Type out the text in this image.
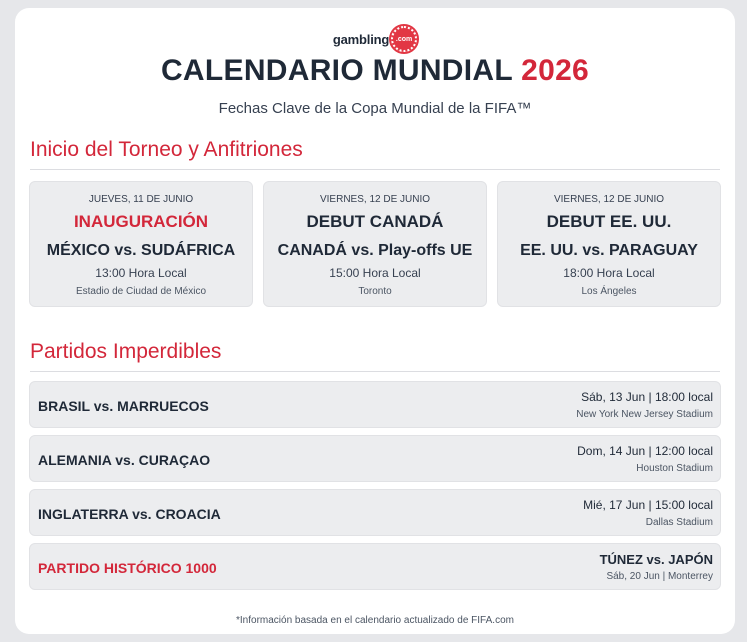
gambling .com
CALENDARIO MUNDIAL 2026
Fechas Clave de la Copa Mundial de la FIFA™
Inicio del Torneo y Anfitriones
JUEVES, 11 DE JUNIO
INAUGURACIÓN
MÉXICO vs. SUDÁFRICA
13:00 Hora Local
Estadio de Ciudad de México
VIERNES, 12 DE JUNIO
DEBUT CANADÁ
CANADÁ vs. Play-offs UE
15:00 Hora Local
Toronto
VIERNES, 12 DE JUNIO
DEBUT EE. UU.
EE. UU. vs. PARAGUAY
18:00 Hora Local
Los Ángeles
Partidos Imperdibles
BRASIL vs. MARRUECOS
Sáb, 13 Jun | 18:00 local
New York New Jersey Stadium
ALEMANIA vs. CURAÇAO
Dom, 14 Jun | 12:00 local
Houston Stadium
INGLATERRA vs. CROACIA
Mié, 17 Jun | 15:00 local
Dallas Stadium
PARTIDO HISTÓRICO 1000
TÚNEZ vs. JAPÓN
Sáb, 20 Jun | Monterrey
*Información basada en el calendario actualizado de FIFA.com
